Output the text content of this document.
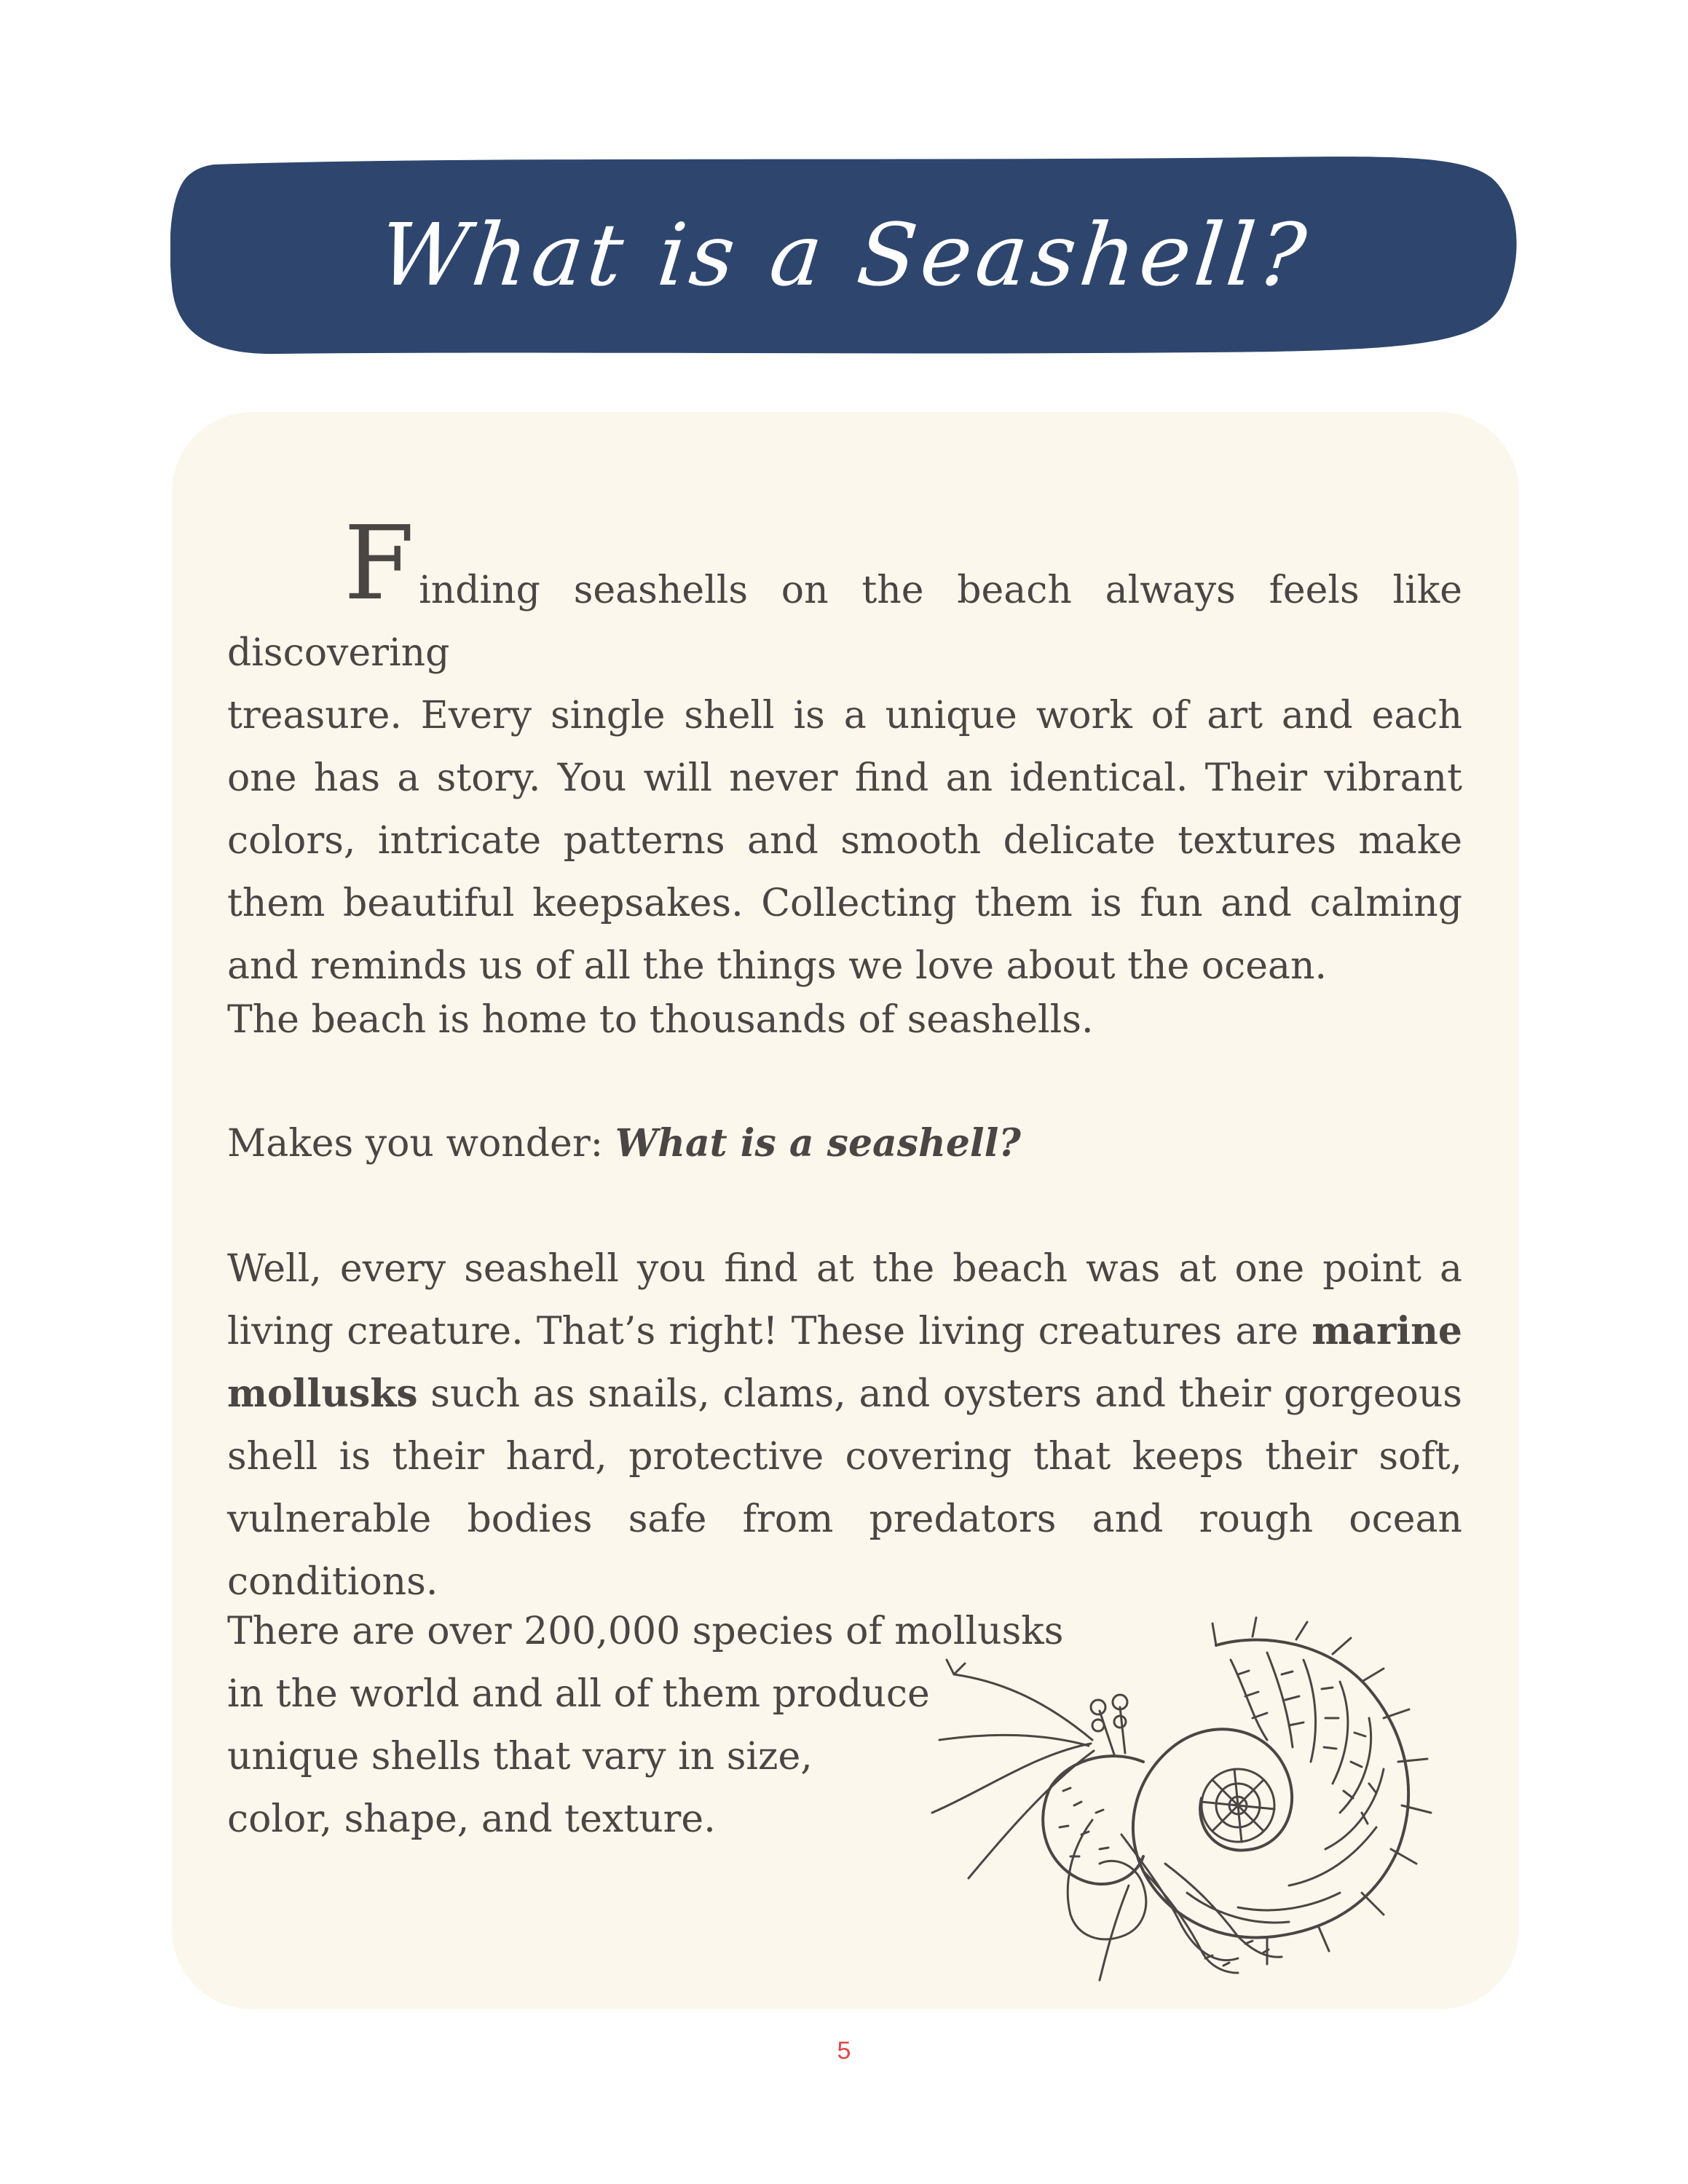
What is a Seashell?
F inding seashells on the beach always feels like discovering
treasure. Every single shell is a unique work of art and each one has a story. You will never find an identical. Their vibrant colors, intricate patterns and smooth delicate textures make them beautiful keepsakes. Collecting them is fun and calming and reminds us of all the things we love about the ocean.
The beach is home to thousands of seashells.
Makes you wonder: What is a seashell?
Well, every seashell you find at the beach was at one point a living creature. That’s right! These living creatures are marine mollusks such as snails, clams, and oysters and their gorgeous shell is their hard, protective covering that keeps their soft, vulnerable bodies safe from predators and rough ocean conditions.
There are over 200,000 species of mollusks
in the world and all of them produce
unique shells that vary in size,
color, shape, and texture.
5
